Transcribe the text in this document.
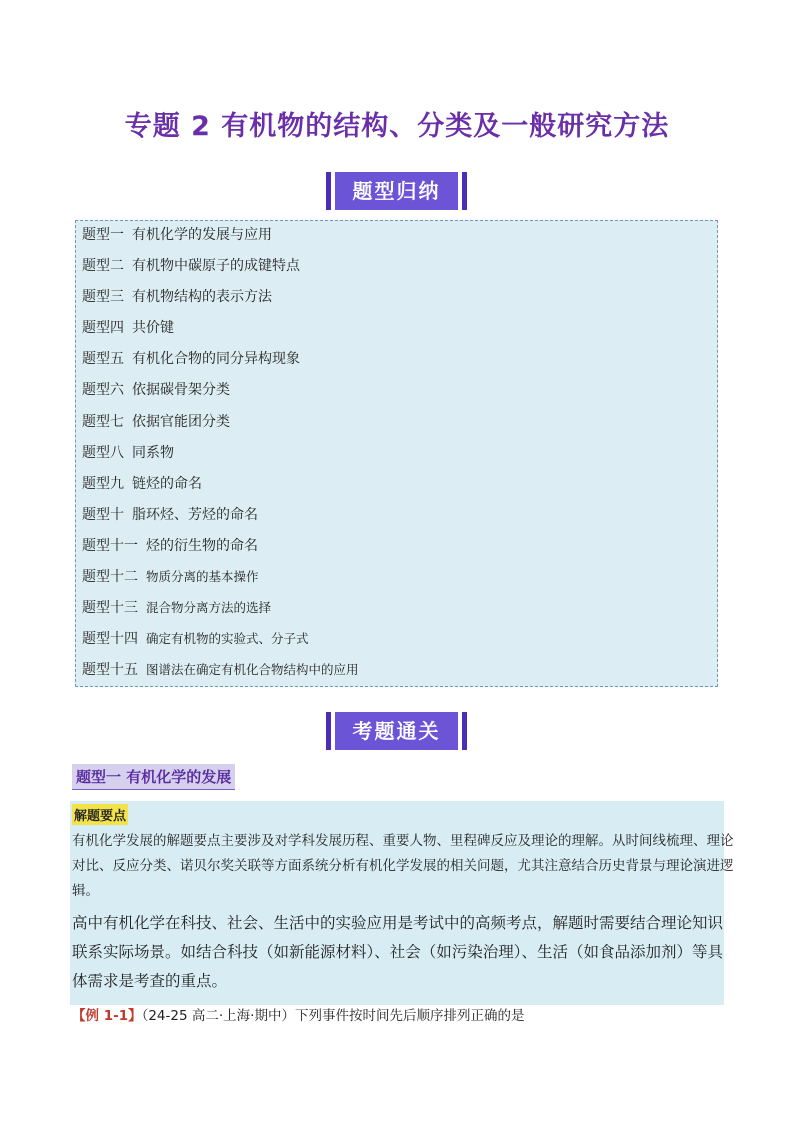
专题 2 有机物的结构、分类及一般研究方法
题型归纳
题型一 有机化学的发展与应用
题型二 有机物中碳原子的成键特点
题型三 有机物结构的表示方法
题型四 共价键
题型五 有机化合物的同分异构现象
题型六 依据碳骨架分类
题型七 依据官能团分类
题型八 同系物
题型九 链烃的命名
题型十 脂环烃、芳烃的命名
题型十一 烃的衍生物的命名
题型十二 物质分离的基本操作
题型十三 混合物分离方法的选择
题型十四 确定有机物的实验式、分子式
题型十五 图谱法在确定有机化合物结构中的应用
考题通关
题型一 有机化学的发展
解题要点
有机化学发展的解题要点主要涉及对学科发展历程、重要人物、里程碑反应及理论的理解。从时间线梳理、理论对比、反应分类、诺贝尔奖关联等方面系统分析有机化学发展的相关问题，尤其注意结合历史背景与理论演进逻辑。
高中有机化学在科技、社会、生活中的实验应用是考试中的高频考点，解题时需要结合理论知识联系实际场景。如结合科技（如新能源材料）、社会（如污染治理）、生活（如食品添加剂）等具体需求是考查的重点。
【例 1-1】（24-25 高二·上海·期中）下列事件按时间先后顺序排列正确的是
